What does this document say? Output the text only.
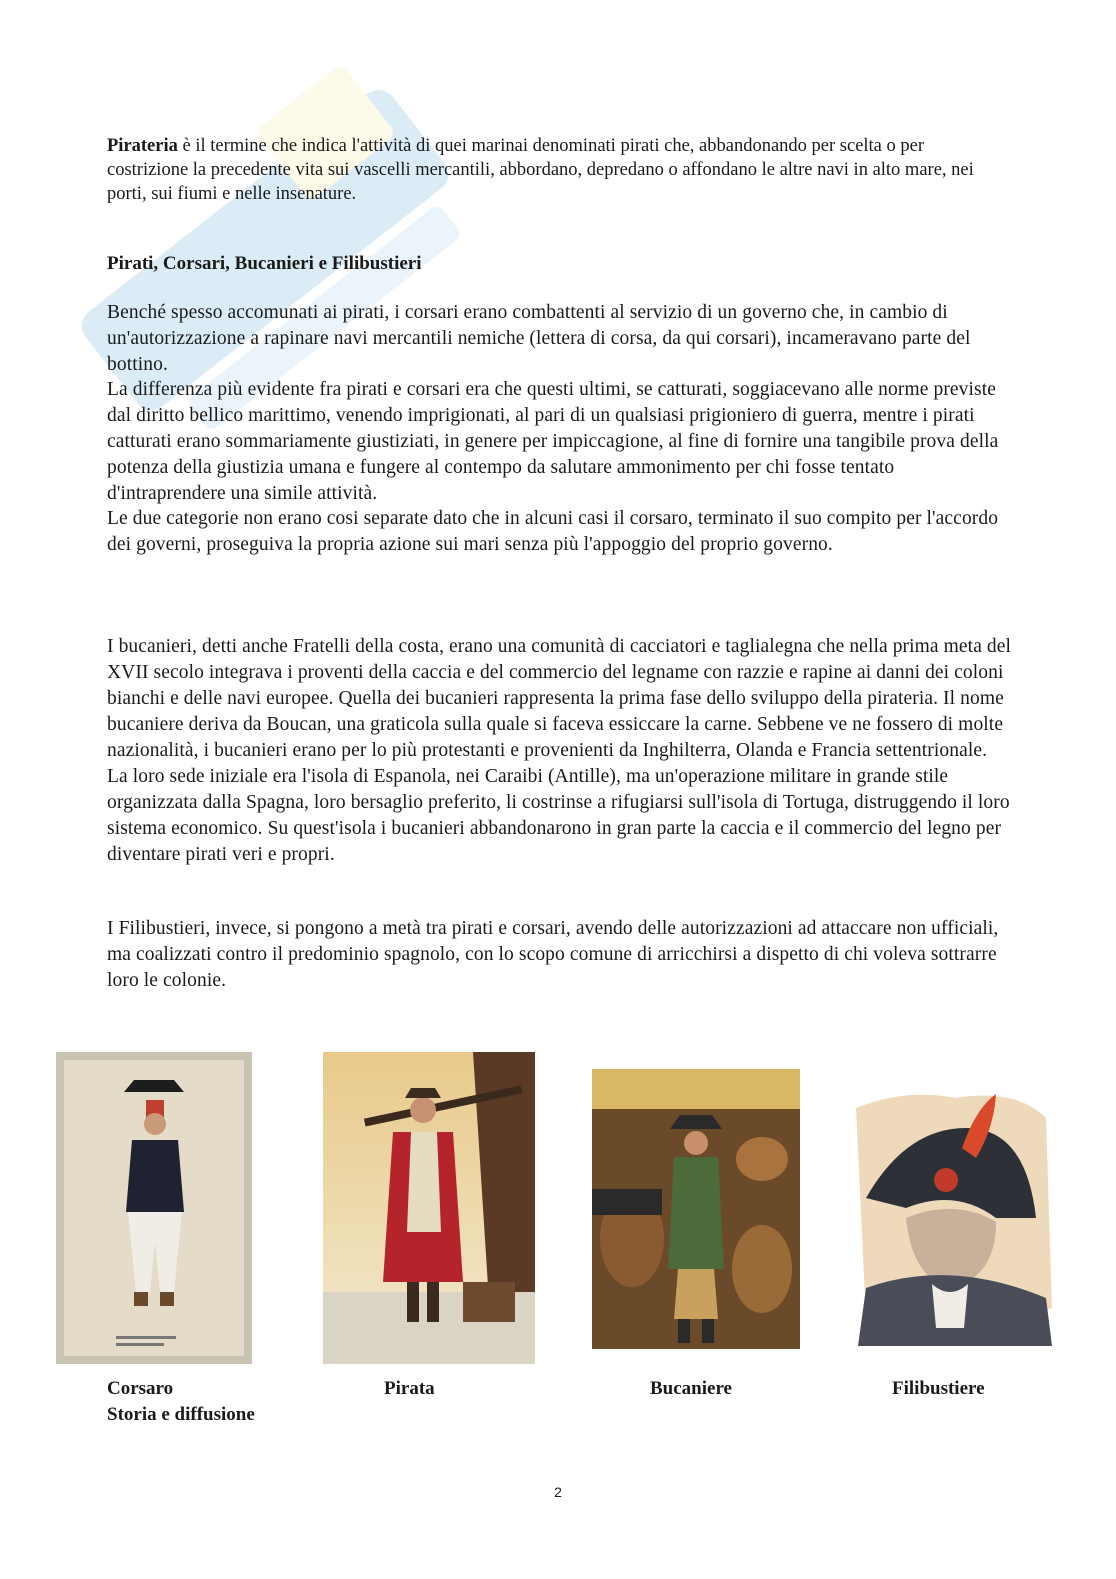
Pirateria è il termine che indica l'attività di quei marinai denominati pirati che, abbandonando per scelta o per costrizione la precedente vita sui vascelli mercantili, abbordano, depredano o affondano le altre navi in alto mare, nei porti, sui fiumi e nelle insenature.

Pirati, Corsari, Bucanieri e Filibustieri

Benché spesso accomunati ai pirati, i corsari erano combattenti al servizio di un governo che, in cambio di un'autorizzazione a rapinare navi mercantili nemiche (lettera di corsa, da qui corsari), incameravano parte del bottino.

La differenza più evidente fra pirati e corsari era che questi ultimi, se catturati, soggiacevano alle norme previste dal diritto bellico marittimo, venendo imprigionati, al pari di un qualsiasi prigioniero di guerra, mentre i pirati catturati erano sommariamente giustiziati, in genere per impiccagione, al fine di fornire una tangibile prova della potenza della giustizia umana e fungere al contempo da salutare ammonimento per chi fosse tentato d'intraprendere una simile attività.

Le due categorie non erano cosi separate dato che in alcuni casi il corsaro, terminato il suo compito per l'accordo dei governi, proseguiva la propria azione sui mari senza più l'appoggio del proprio governo.

I bucanieri, detti anche Fratelli della costa, erano una comunità di cacciatori e taglialegna che nella prima meta del XVII secolo integrava i proventi della caccia e del commercio del legname con razzie e rapine ai danni dei coloni bianchi e delle navi europee. Quella dei bucanieri rappresenta la prima fase dello sviluppo della pirateria. Il nome bucaniere deriva da Boucan, una graticola sulla quale si faceva essiccare la carne. Sebbene ve ne fossero di molte nazionalità, i bucanieri erano per lo più protestanti e provenienti da Inghilterra, Olanda e Francia settentrionale. La loro sede iniziale era l'isola di Espanola, nei Caraibi (Antille), ma un'operazione militare in grande stile organizzata dalla Spagna, loro bersaglio preferito, li costrinse a rifugiarsi sull'isola di Tortuga, distruggendo il loro sistema economico. Su quest'isola i bucanieri abbandonarono in gran parte la caccia e il commercio del legno per diventare pirati veri e propri.

I Filibustieri, invece, si pongono a metà tra pirati e corsari, avendo delle autorizzazioni ad attaccare non ufficiali, ma coalizzati contro il predominio spagnolo, con lo scopo comune di arricchirsi a dispetto di chi voleva sottrarre loro le colonie.

Corsaro	Pirata	Bucaniere	Filibustiere

Storia e diffusione

2
